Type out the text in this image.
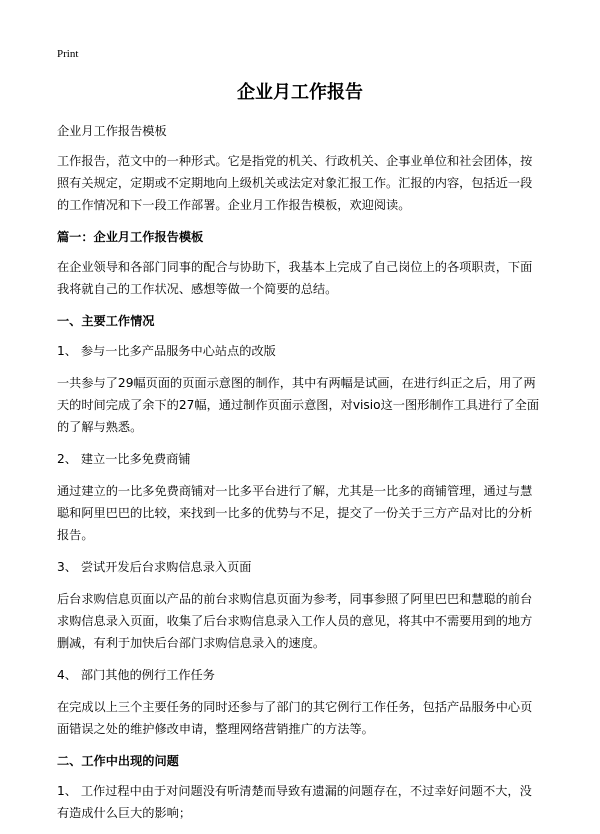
Print
企业月工作报告

企业月工作报告模板

工作报告，范文中的一种形式。它是指党的机关、行政机关、企事业单位和社会团体，按照有关规定，定期或不定期地向上级机关或法定对象汇报工作。汇报的内容，包括近一段的工作情况和下一段工作部署。企业月工作报告模板，欢迎阅读。

篇一：企业月工作报告模板

在企业领导和各部门同事的配合与协助下，我基本上完成了自己岗位上的各项职责，下面我将就自己的工作状况、感想等做一个简要的总结。

一、主要工作情况

1、 参与一比多产品服务中心站点的改版

一共参与了29幅页面的页面示意图的制作，其中有两幅是试画，在进行纠正之后，用了两天的时间完成了余下的27幅，通过制作页面示意图，对visio这一图形制作工具进行了全面的了解与熟悉。

2、 建立一比多免费商铺

通过建立的一比多免费商铺对一比多平台进行了解，尤其是一比多的商铺管理，通过与慧聪和阿里巴巴的比较，来找到一比多的优势与不足，提交了一份关于三方产品对比的分析报告。

3、 尝试开发后台求购信息录入页面

后台求购信息页面以产品的前台求购信息页面为参考，同事参照了阿里巴巴和慧聪的前台求购信息录入页面，收集了后台求购信息录入工作人员的意见，将其中不需要用到的地方删减，有利于加快后台部门求购信息录入的速度。

4、 部门其他的例行工作任务

在完成以上三个主要任务的同时还参与了部门的其它例行工作任务，包括产品服务中心页面错误之处的维护修改申请，整理网络营销推广的方法等。

二、工作中出现的问题

1、 工作过程中由于对问题没有听清楚而导致有遗漏的问题存在，不过幸好问题不大，没有造成什么巨大的影响；
